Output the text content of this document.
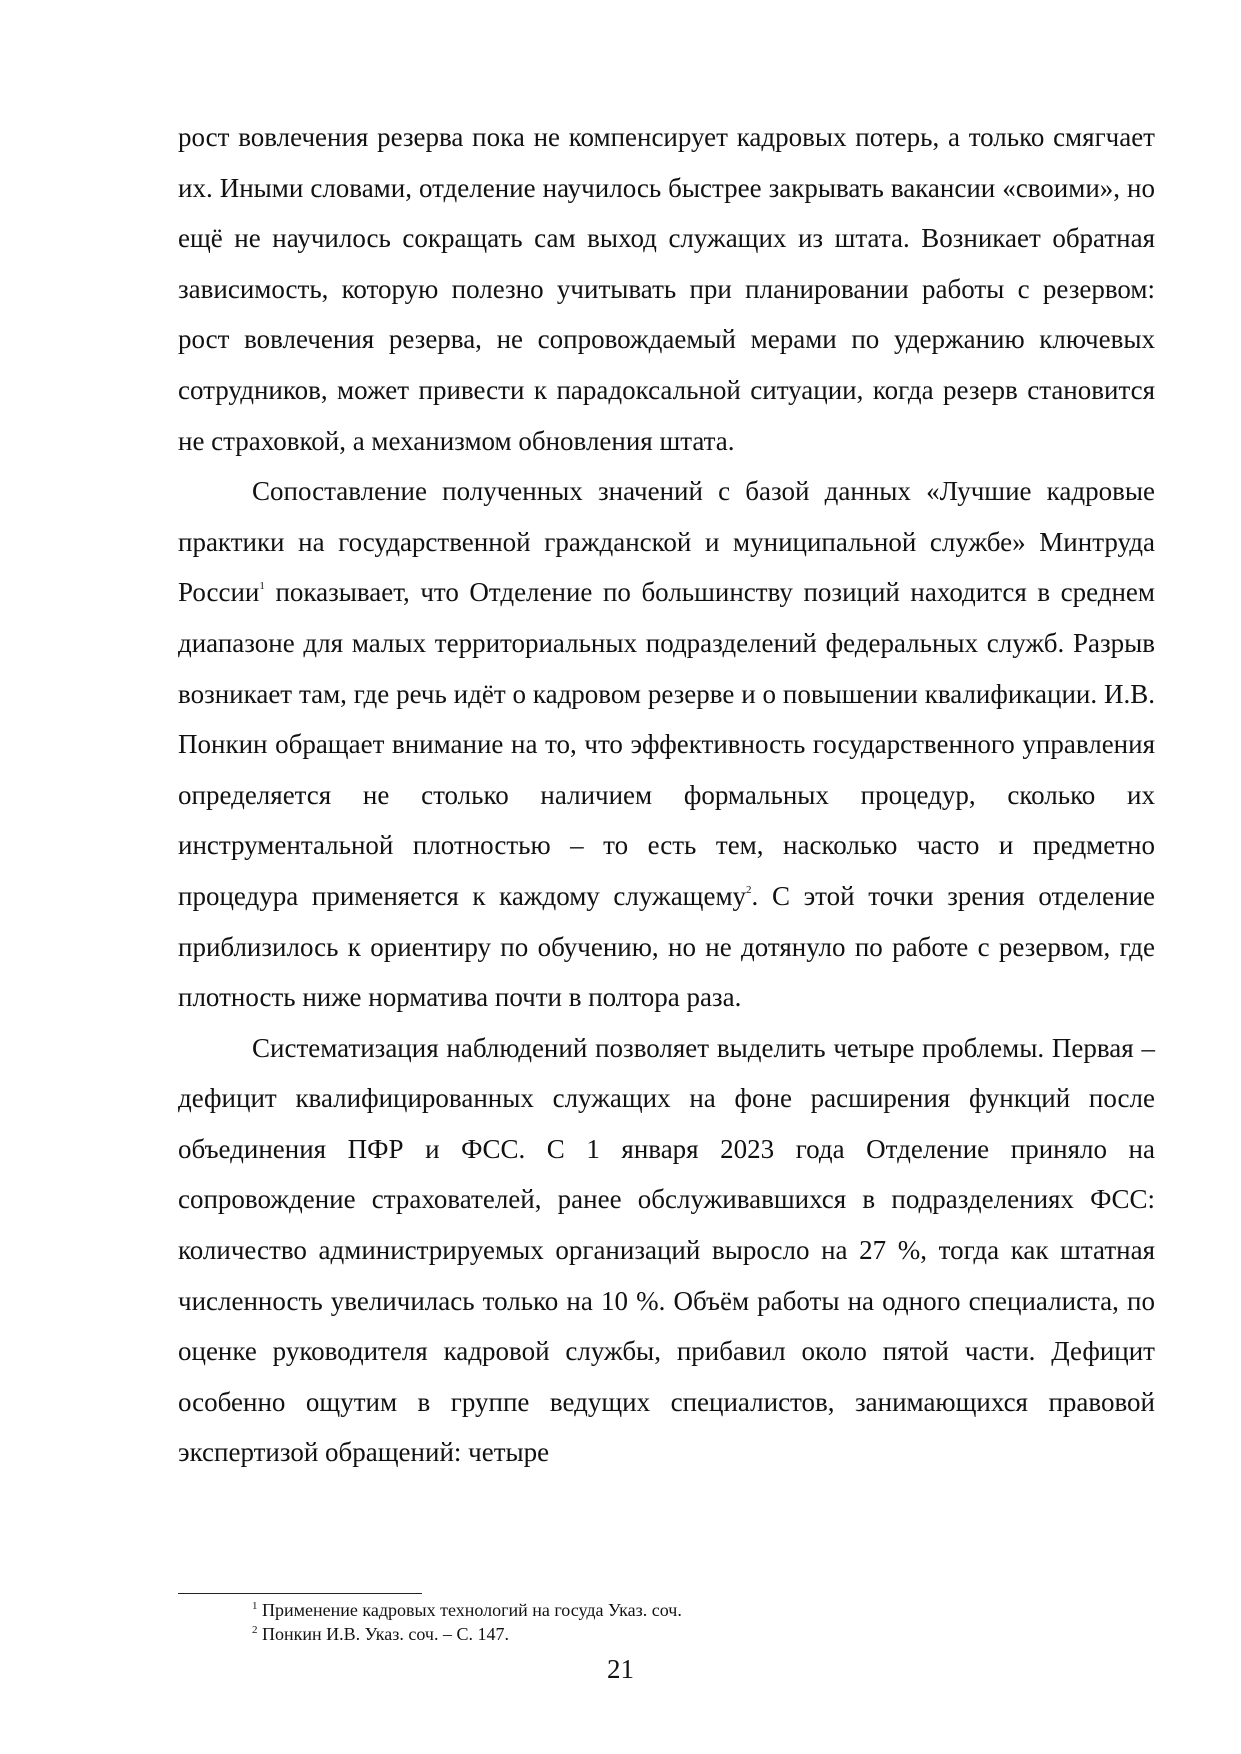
рост вовлечения резерва пока не компенсирует кадровых потерь, а только смягчает их. Иными словами, отделение научилось быстрее закрывать вакансии «своими», но ещё не научилось сокращать сам выход служащих из штата. Возникает обратная зависимость, которую полезно учитывать при планировании работы с резервом: рост вовлечения резерва, не сопровождаемый мерами по удержанию ключевых сотрудников, может привести к парадоксальной ситуации, когда резерв становится не страховкой, а механизмом обновления штата.

Сопоставление полученных значений с базой данных «Лучшие кадровые практики на государственной гражданской и муниципальной службе» Минтруда России$^1$ показывает, что Отделение по большинству позиций находится в среднем диапазоне для малых территориальных подразделений федеральных служб. Разрыв возникает там, где речь идёт о кадровом резерве и о повышении квалификации. И.В. Понкин обращает внимание на то, что эффективность государственного управления определяется не столько наличием формальных процедур, сколько их инструментальной плотностью – то есть тем, насколько часто и предметно процедура применяется к каждому служащему$^2$. С этой точки зрения отделение приблизилось к ориентиру по обучению, но не дотянуло по работе с резервом, где плотность ниже норматива почти в полтора раза.

Систематизация наблюдений позволяет выделить четыре проблемы. Первая – дефицит квалифицированных служащих на фоне расширения функций после объединения ПФР и ФСС. С 1 января 2023 года Отделение приняло на сопровождение страхователей, ранее обслуживавшихся в подразделениях ФСС: количество администрируемых организаций выросло на 27 %, тогда как штатная численность увеличилась только на 10 %. Объём работы на одного специалиста, по оценке руководителя кадровой службы, прибавил около пятой части. Дефицит особенно ощутим в группе ведущих специалистов, занимающихся правовой экспертизой обращений: четыре

$^1$ Применение кадровых технологий на госуда Указ. соч.

$^2$ Понкин И.В. Указ. соч. – С. 147.

21
